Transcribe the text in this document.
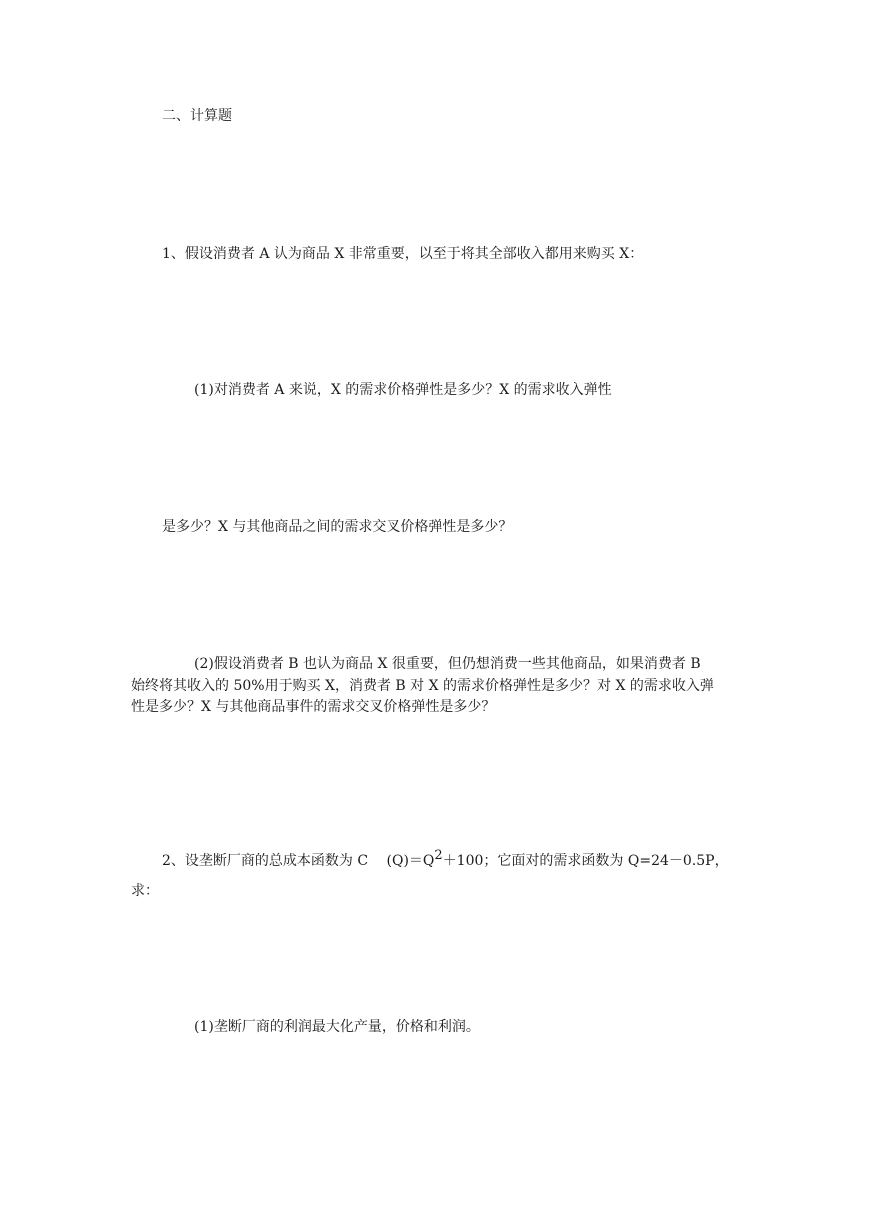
二、计算题
1、假设消费者 A 认为商品 X 非常重要，以至于将其全部收入都用来购买 X：
(1)对消费者 A 来说，X 的需求价格弹性是多少？X 的需求收入弹性
是多少？X 与其他商品之间的需求交叉价格弹性是多少？
(2)假设消费者 B 也认为商品 X 很重要，但仍想消费一些其他商品，如果消费者 B
始终将其收入的 50%用于购买 X，消费者 B 对 X 的需求价格弹性是多少？对 X 的需求收入弹
性是多少？X 与其他商品事件的需求交叉价格弹性是多少？
2、设垄断厂商的总成本函数为 C　 (Q)＝Q2＋100；它面对的需求函数为 Q=24－0.5P，
求：
(1)垄断厂商的利润最大化产量，价格和利润。
